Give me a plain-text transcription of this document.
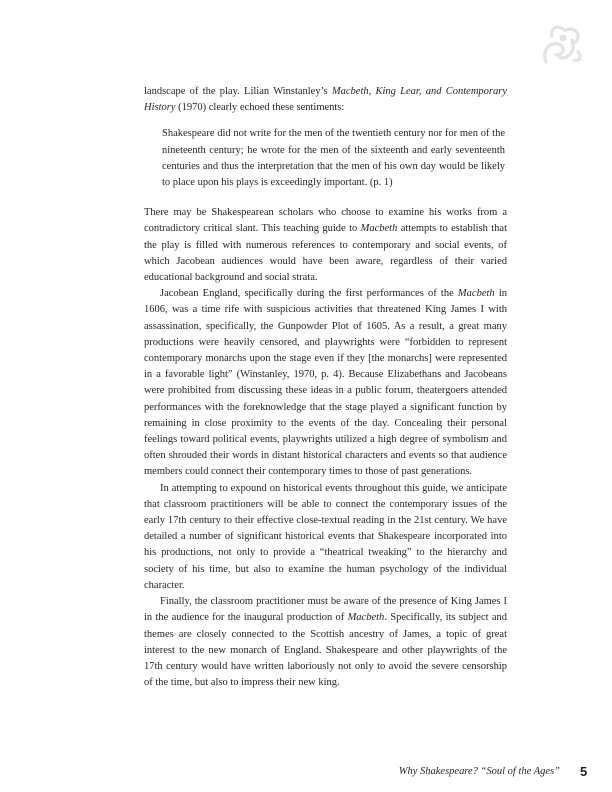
landscape of the play. Lilian Winstanley’s Macbeth, King Lear, and Contemporary History (1970) clearly echoed these sentiments:

Shakespeare did not write for the men of the twentieth century nor for men of the nineteenth century; he wrote for the men of the sixteenth and early seventeenth centuries and thus the interpretation that the men of his own day would be likely to place upon his plays is exceedingly important. (p. 1)

There may be Shakespearean scholars who choose to examine his works from a contradictory critical slant. This teaching guide to Macbeth attempts to establish that the play is filled with numerous references to contemporary and social events, of which Jacobean audiences would have been aware, regardless of their varied educational background and social strata.

Jacobean England, specifically during the first performances of the Macbeth in 1606, was a time rife with suspicious activities that threatened King James I with assassination, specifically, the Gunpowder Plot of 1605. As a result, a great many productions were heavily censored, and playwrights were “forbidden to represent contemporary monarchs upon the stage even if they [the monarchs] were represented in a favorable light” (Winstanley, 1970, p. 4). Because Elizabethans and Jacobeans were prohibited from discussing these ideas in a public forum, theatergoers attended performances with the foreknowledge that the stage played a significant function by remaining in close proximity to the events of the day. Concealing their personal feelings toward political events, playwrights utilized a high degree of symbolism and often shrouded their words in distant historical characters and events so that audience members could connect their contemporary times to those of past generations.

In attempting to expound on historical events throughout this guide, we anticipate that classroom practitioners will be able to connect the contemporary issues of the early 17th century to their effective close-textual reading in the 21st century. We have detailed a number of significant historical events that Shakespeare incorporated into his productions, not only to provide a “theatrical tweaking” to the hierarchy and society of his time, but also to examine the human psychology of the individual character.

Finally, the classroom practitioner must be aware of the presence of King James I in the audience for the inaugural production of Macbeth. Specifically, its subject and themes are closely connected to the Scottish ancestry of James, a topic of great interest to the new monarch of England. Shakespeare and other playwrights of the 17th century would have written laboriously not only to avoid the severe censorship of the time, but also to impress their new king.

Why Shakespeare? “Soul of the Ages” 5
